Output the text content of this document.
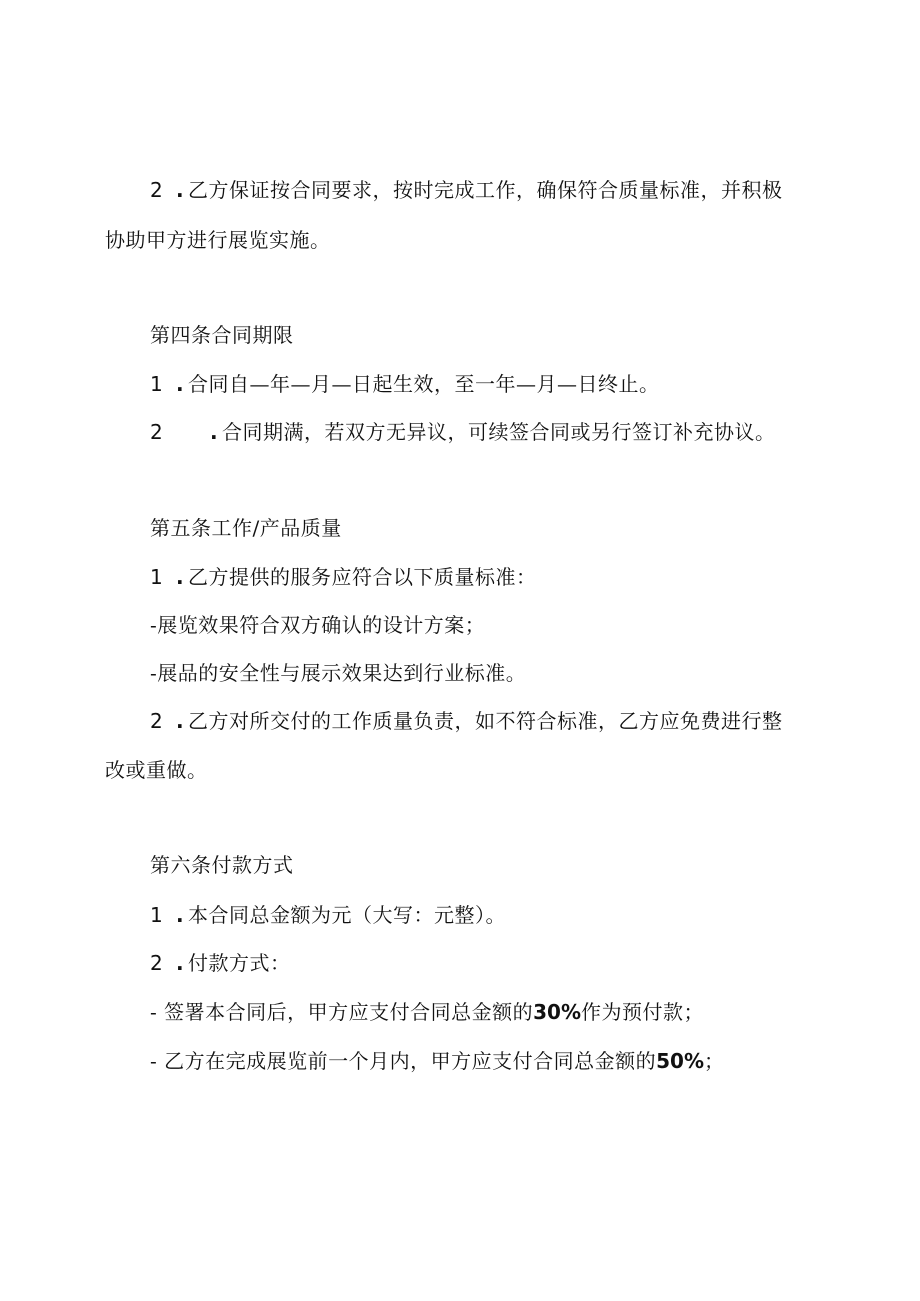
2 . 乙方保证按合同要求，按时完成工作，确保符合质量标准，并积极
协助甲方进行展览实施。
第四条合同期限
1 . 合同自—年—月—日起生效，至一年—月—日终止。
2 . 合同期满，若双方无异议，可续签合同或另行签订补充协议。
第五条工作/产品质量
1 . 乙方提供的服务应符合以下质量标准：
-展览效果符合双方确认的设计方案；
-展品的安全性与展示效果达到行业标准。
2 . 乙方对所交付的工作质量负责，如不符合标准，乙方应免费进行整
改或重做。
第六条付款方式
1 . 本合同总金额为元（大写：元整）。
2 . 付款方式：
- 签署本合同后，甲方应支付合同总金额的30%作为预付款；
- 乙方在完成展览前一个月内，甲方应支付合同总金额的50%；
